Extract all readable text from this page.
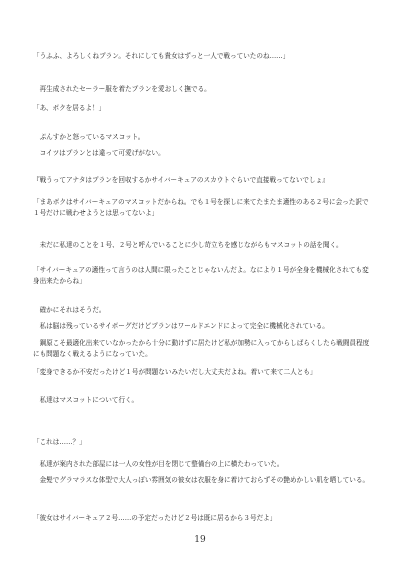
「うふふ、よろしくねプラン。それにしても貴女はずっと一人で戦っていたのね……」
再生成されたセーラー服を着たプランを愛おしく撫でる。
「あ、ボクを居るよ！」
ぷんすかと怒っているマスコット。
コイツはプランとは違って可愛げがない。
『戦うってアナタはプランを回収するかサイバーキュアのスカウトぐらいで直接戦ってないでしょ』
「まあボクはサイバーキュアのマスコットだからね。でも１号を探しに来てたまたま適性のある２号に会った訳で１号だけに戦わせようとは思ってないよ」
未だに私達のことを１号、２号と呼んでいることに少し苛立ちを感じながらもマスコットの話を聞く。
「サイバーキュアの適性って言うのは人間に限ったことじゃないんだよ。なにより１号が全身を機械化されても変身出来たからね」
確かにそれはそうだ。
私は脳は残っているサイボーグだけどプランはワールドエンドによって完全に機械化されている。
鋼原こそ最適化出来ていなかったから十分に動けずに居たけど私が加勢に入ってからしばらくしたら戦闘員程度にも問題なく戦えるようになっていた。
「変身できるか不安だったけど１号が問題ないみたいだし大丈夫だよね。着いて来て二人とも」
私達はマスコットについて行く。
「これは……？」
私達が案内された部屋には一人の女性が目を閉じて整備台の上に横たわっていた。
金髪でグラマラスな体型で大人っぽい雰囲気の彼女は衣服を身に着けておらずその艶めかしい肌を晒している。
「彼女はサイバーキュア２号……の予定だったけど２号は既に居るから３号だよ」
19
